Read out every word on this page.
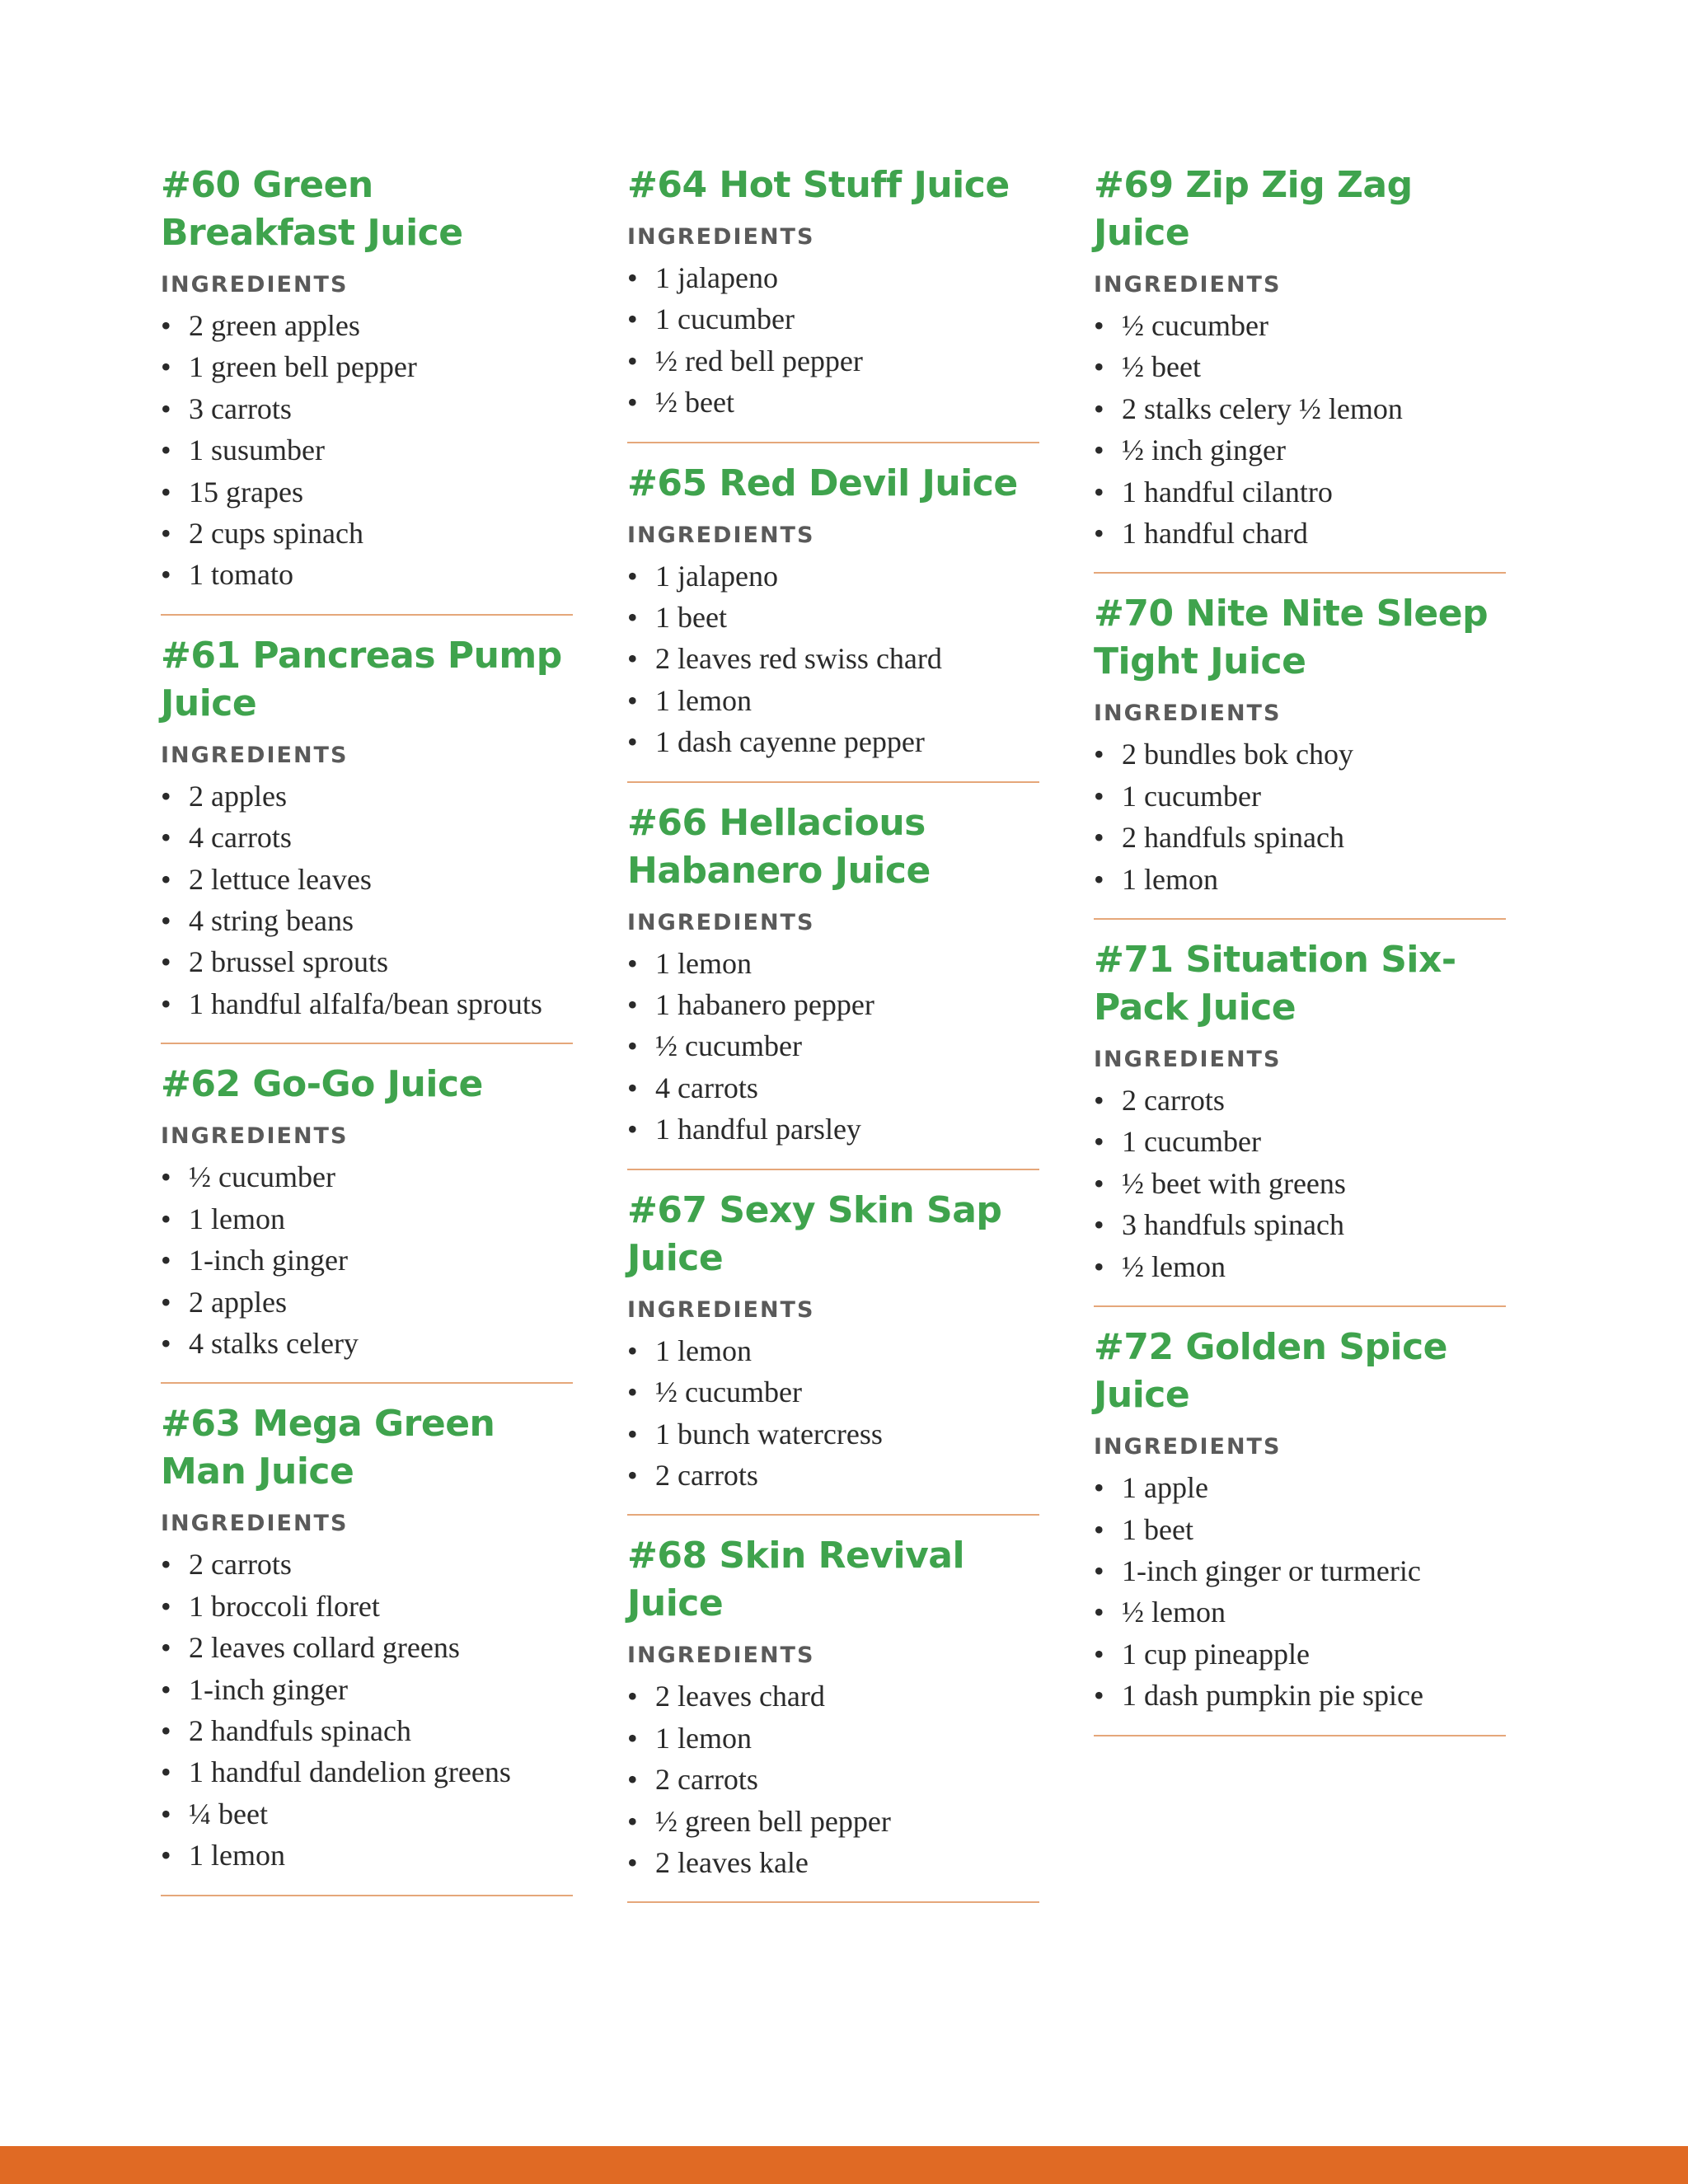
#60 Green Breakfast Juice
INGREDIENTS
• 2 green apples
• 1 green bell pepper
• 3 carrots
• 1 susumber
• 15 grapes
• 2 cups spinach
• 1 tomato
#61 Pancreas Pump Juice
INGREDIENTS
• 2 apples
• 4 carrots
• 2 lettuce leaves
• 4 string beans
• 2 brussel sprouts
• 1 handful alfalfa/bean sprouts
#62 Go-Go Juice
INGREDIENTS
• ½ cucumber
• 1 lemon
• 1-inch ginger
• 2 apples
• 4 stalks celery
#63 Mega Green Man Juice
INGREDIENTS
• 2 carrots
• 1 broccoli floret
• 2 leaves collard greens
• 1-inch ginger
• 2 handfuls spinach
• 1 handful dandelion greens
• ¼ beet
• 1 lemon
#64 Hot Stuff Juice
INGREDIENTS
• 1 jalapeno
• 1 cucumber
• ½ red bell pepper
• ½ beet
#65 Red Devil Juice
INGREDIENTS
• 1 jalapeno
• 1 beet
• 2 leaves red swiss chard
• 1 lemon
• 1 dash cayenne pepper
#66 Hellacious Habanero Juice
INGREDIENTS
• 1 lemon
• 1 habanero pepper
• ½ cucumber
• 4 carrots
• 1 handful parsley
#67 Sexy Skin Sap Juice
INGREDIENTS
• 1 lemon
• ½ cucumber
• 1 bunch watercress
• 2 carrots
#68 Skin Revival Juice
INGREDIENTS
• 2 leaves chard
• 1 lemon
• 2 carrots
• ½ green bell pepper
• 2 leaves kale
#69 Zip Zig Zag Juice
INGREDIENTS
• ½ cucumber
• ½ beet
• 2 stalks celery ½ lemon
• ½ inch ginger
• 1 handful cilantro
• 1 handful chard
#70 Nite Nite Sleep Tight Juice
INGREDIENTS
• 2 bundles bok choy
• 1 cucumber
• 2 handfuls spinach
• 1 lemon
#71 Situation Six-Pack Juice
INGREDIENTS
• 2 carrots
• 1 cucumber
• ½ beet with greens
• 3 handfuls spinach
• ½ lemon
#72 Golden Spice Juice
INGREDIENTS
• 1 apple
• 1 beet
• 1-inch ginger or turmeric
• ½ lemon
• 1 cup pineapple
• 1 dash pumpkin pie spice
